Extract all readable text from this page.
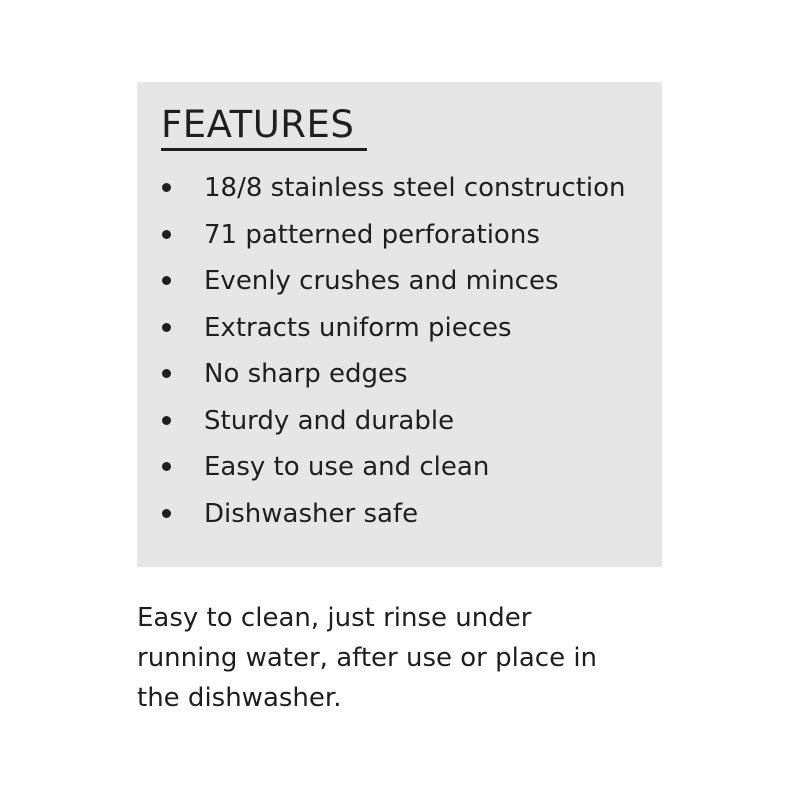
FEATURES
18/8 stainless steel construction
71 patterned perforations
Evenly crushes and minces
Extracts uniform pieces
No sharp edges
Sturdy and durable
Easy to use and clean
Dishwasher safe

Easy to clean, just rinse under
running water, after use or place in
the dishwasher.
